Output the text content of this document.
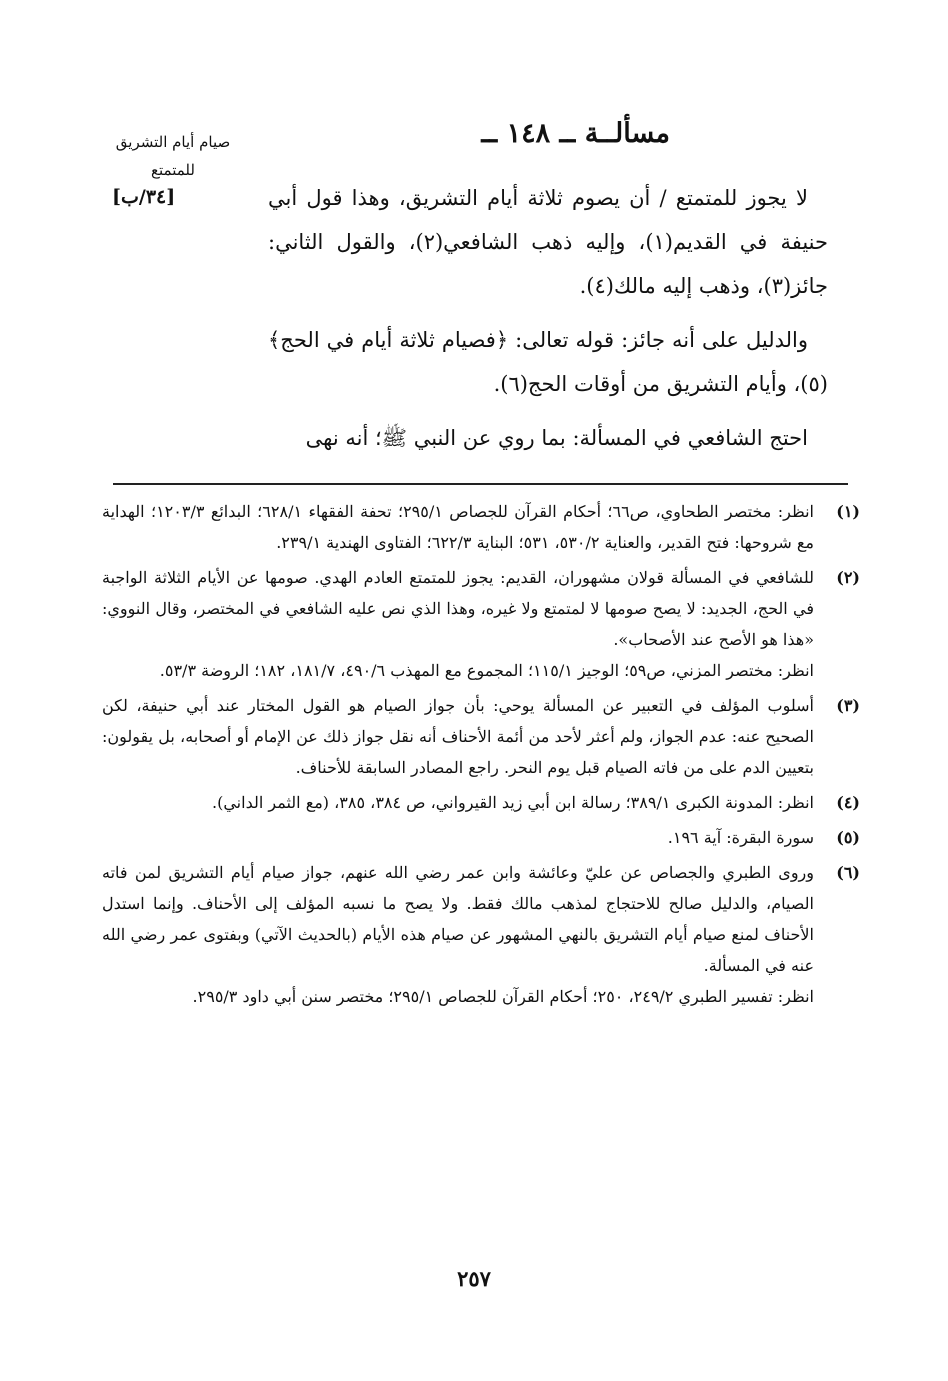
صيام أيام التشريق للمتمتع
[٣٤/ب]
مسألــة ــ ١٤٨ ــ

لا يجوز للمتمتع / أن يصوم ثلاثة أيام التشريق، وهذا قول أبي حنيفة في القديم(١)، وإليه ذهب الشافعي(٢)، والقول الثاني: جائز(٣)، وذهب إليه مالك(٤).

والدليل على أنه جائز: قوله تعالى: ﴿فصيام ثلاثة أيام في الحج﴾(٥)، وأيام التشريق من أوقات الحج(٦).

احتج الشافعي في المسألة: بما روي عن النبي ﷺ؛ أنه نهى

(١)
انظر: مختصر الطحاوي، ص٦٦؛ أحكام القرآن للجصاص ٢٩٥/١؛ تحفة الفقهاء ٦٢٨/١؛ البدائع ١٢٠٣/٣؛ الهداية مع شروحها: فتح القدير، والعناية ٥٣٠/٢، ٥٣١؛ البناية ٦٢٢/٣؛ الفتاوى الهندية ٢٣٩/١.
(٢)
للشافعي في المسألة قولان مشهوران، القديم: يجوز للمتمتع العادم الهدي. صومها عن الأيام الثلاثة الواجبة في الحج، الجديد: لا يصح صومها لا لمتمتع ولا غيره، وهذا الذي نص عليه الشافعي في المختصر، وقال النووي: «هذا هو الأصح عند الأصحاب».
انظر: مختصر المزني، ص٥٩؛ الوجيز ١١٥/١؛ المجموع مع المهذب ٤٩٠/٦، ١٨١/٧، ١٨٢؛ الروضة ٥٣/٣.
(٣)
أسلوب المؤلف في التعبير عن المسألة يوحي: بأن جواز الصيام هو القول المختار عند أبي حنيفة، لكن الصحيح عنه: عدم الجواز، ولم أعثر لأحد من أئمة الأحناف أنه نقل جواز ذلك عن الإمام أو أصحابه، بل يقولون: بتعيين الدم على من فاته الصيام قبل يوم النحر. راجع المصادر السابقة للأحناف.
(٤)
انظر: المدونة الكبرى ٣٨٩/١؛ رسالة ابن أبي زيد القيرواني، ص ٣٨٤، ٣٨٥، (مع الثمر الداني).
(٥)
سورة البقرة: آية ١٩٦.
(٦)
وروى الطبري والجصاص عن عليّ وعائشة وابن عمر رضي الله عنهم، جواز صيام أيام التشريق لمن فاته الصيام، والدليل صالح للاحتجاج لمذهب مالك فقط. ولا يصح ما نسبه المؤلف إلى الأحناف. وإنما استدل الأحناف لمنع صيام أيام التشريق بالنهي المشهور عن صيام هذه الأيام (بالحديث الآتي) وبفتوى عمر رضي الله عنه في المسألة.
انظر: تفسير الطبري ٢٤٩/٢، ٢٥٠؛ أحكام القرآن للجصاص ٢٩٥/١؛ مختصر سنن أبي داود ٢٩٥/٣.
٢٥٧
